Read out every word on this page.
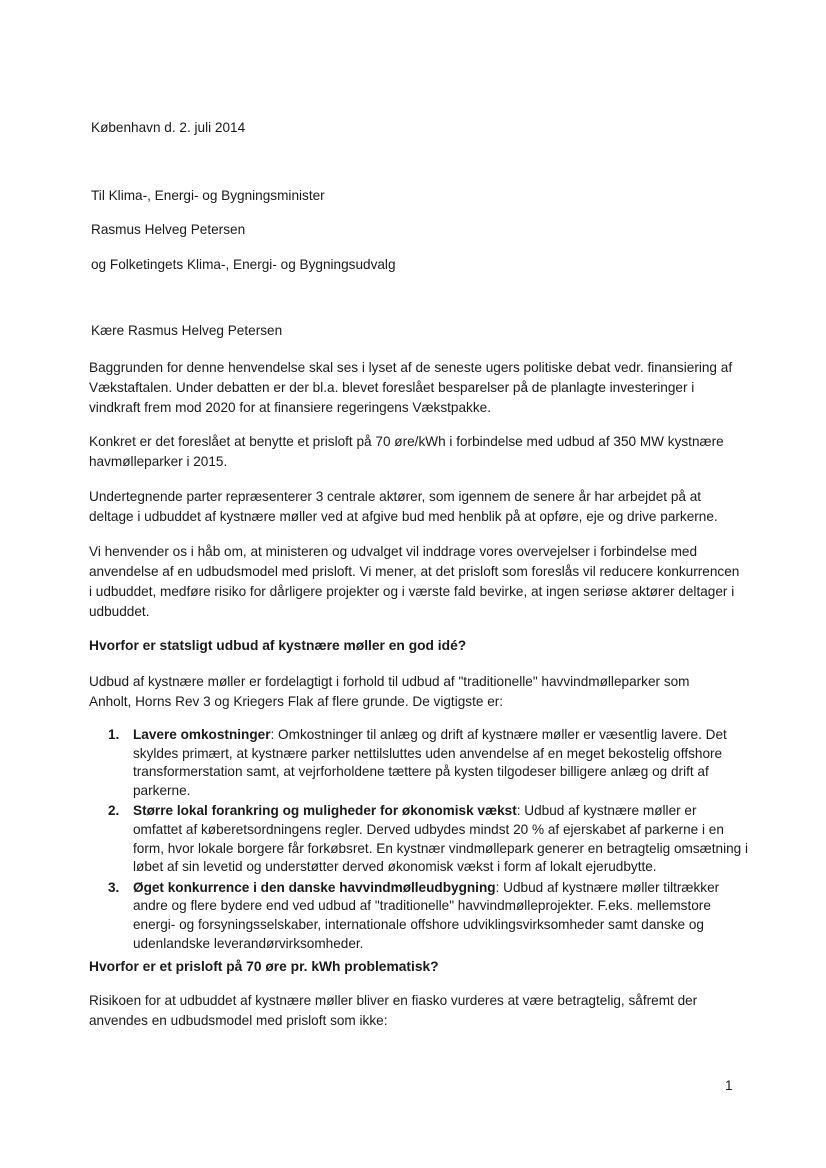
København d. 2. juli 2014

Til Klima-, Energi- og Bygningsminister

Rasmus Helveg Petersen

og Folketingets Klima-, Energi- og Bygningsudvalg

Kære Rasmus Helveg Petersen

Baggrunden for denne henvendelse skal ses i lyset af de seneste ugers politiske debat vedr. finansiering af
Vækstaftalen. Under debatten er der bl.a. blevet foreslået besparelser på de planlagte investeringer i
vindkraft frem mod 2020 for at finansiere regeringens Vækstpakke.
Konkret er det foreslået at benytte et prisloft på 70 øre/kWh i forbindelse med udbud af 350 MW kystnære
havmølleparker i 2015.
Undertegnende parter repræsenterer 3 centrale aktører, som igennem de senere år har arbejdet på at
deltage i udbuddet af kystnære møller ved at afgive bud med henblik på at opføre, eje og drive parkerne.
Vi henvender os i håb om, at ministeren og udvalget vil inddrage vores overvejelser i forbindelse med
anvendelse af en udbudsmodel med prisloft. Vi mener, at det prisloft som foreslås vil reducere konkurrencen
i udbuddet, medføre risiko for dårligere projekter og i værste fald bevirke, at ingen seriøse aktører deltager i
udbuddet.

Hvorfor er statsligt udbud af kystnære møller en god idé?

Udbud af kystnære møller er fordelagtigt i forhold til udbud af "traditionelle" havvindmølleparker som
Anholt, Horns Rev 3 og Kriegers Flak af flere grunde. De vigtigste er:
1. Lavere omkostninger: Omkostninger til anlæg og drift af kystnære møller er væsentlig lavere. Det skyldes primært, at kystnære parker nettilsluttes uden anvendelse af en meget bekostelig offshore transformerstation samt, at vejrforholdene tættere på kysten tilgodeser billigere anlæg og drift af parkerne.
2. Større lokal forankring og muligheder for økonomisk vækst: Udbud af kystnære møller er omfattet af køberetsordningens regler. Derved udbydes mindst 20 % af ejerskabet af parkerne i en form, hvor lokale borgere får forkøbsret. En kystnær vindmøllepark generer en betragtelig omsætning i løbet af sin levetid og understøtter derved økonomisk vækst i form af lokalt ejerudbytte.
3. Øget konkurrence i den danske havvindmølleudbygning: Udbud af kystnære møller tiltrækker andre og flere bydere end ved udbud af "traditionelle" havvindmølleprojekter. F.eks. mellemstore energi- og forsyningsselskaber, internationale offshore udviklingsvirksomheder samt danske og udenlandske leverandørvirksomheder.

Hvorfor er et prisloft på 70 øre pr. kWh problematisk?

Risikoen for at udbuddet af kystnære møller bliver en fiasko vurderes at være betragtelig, såfremt der
anvendes en udbudsmodel med prisloft som ikke:

1
